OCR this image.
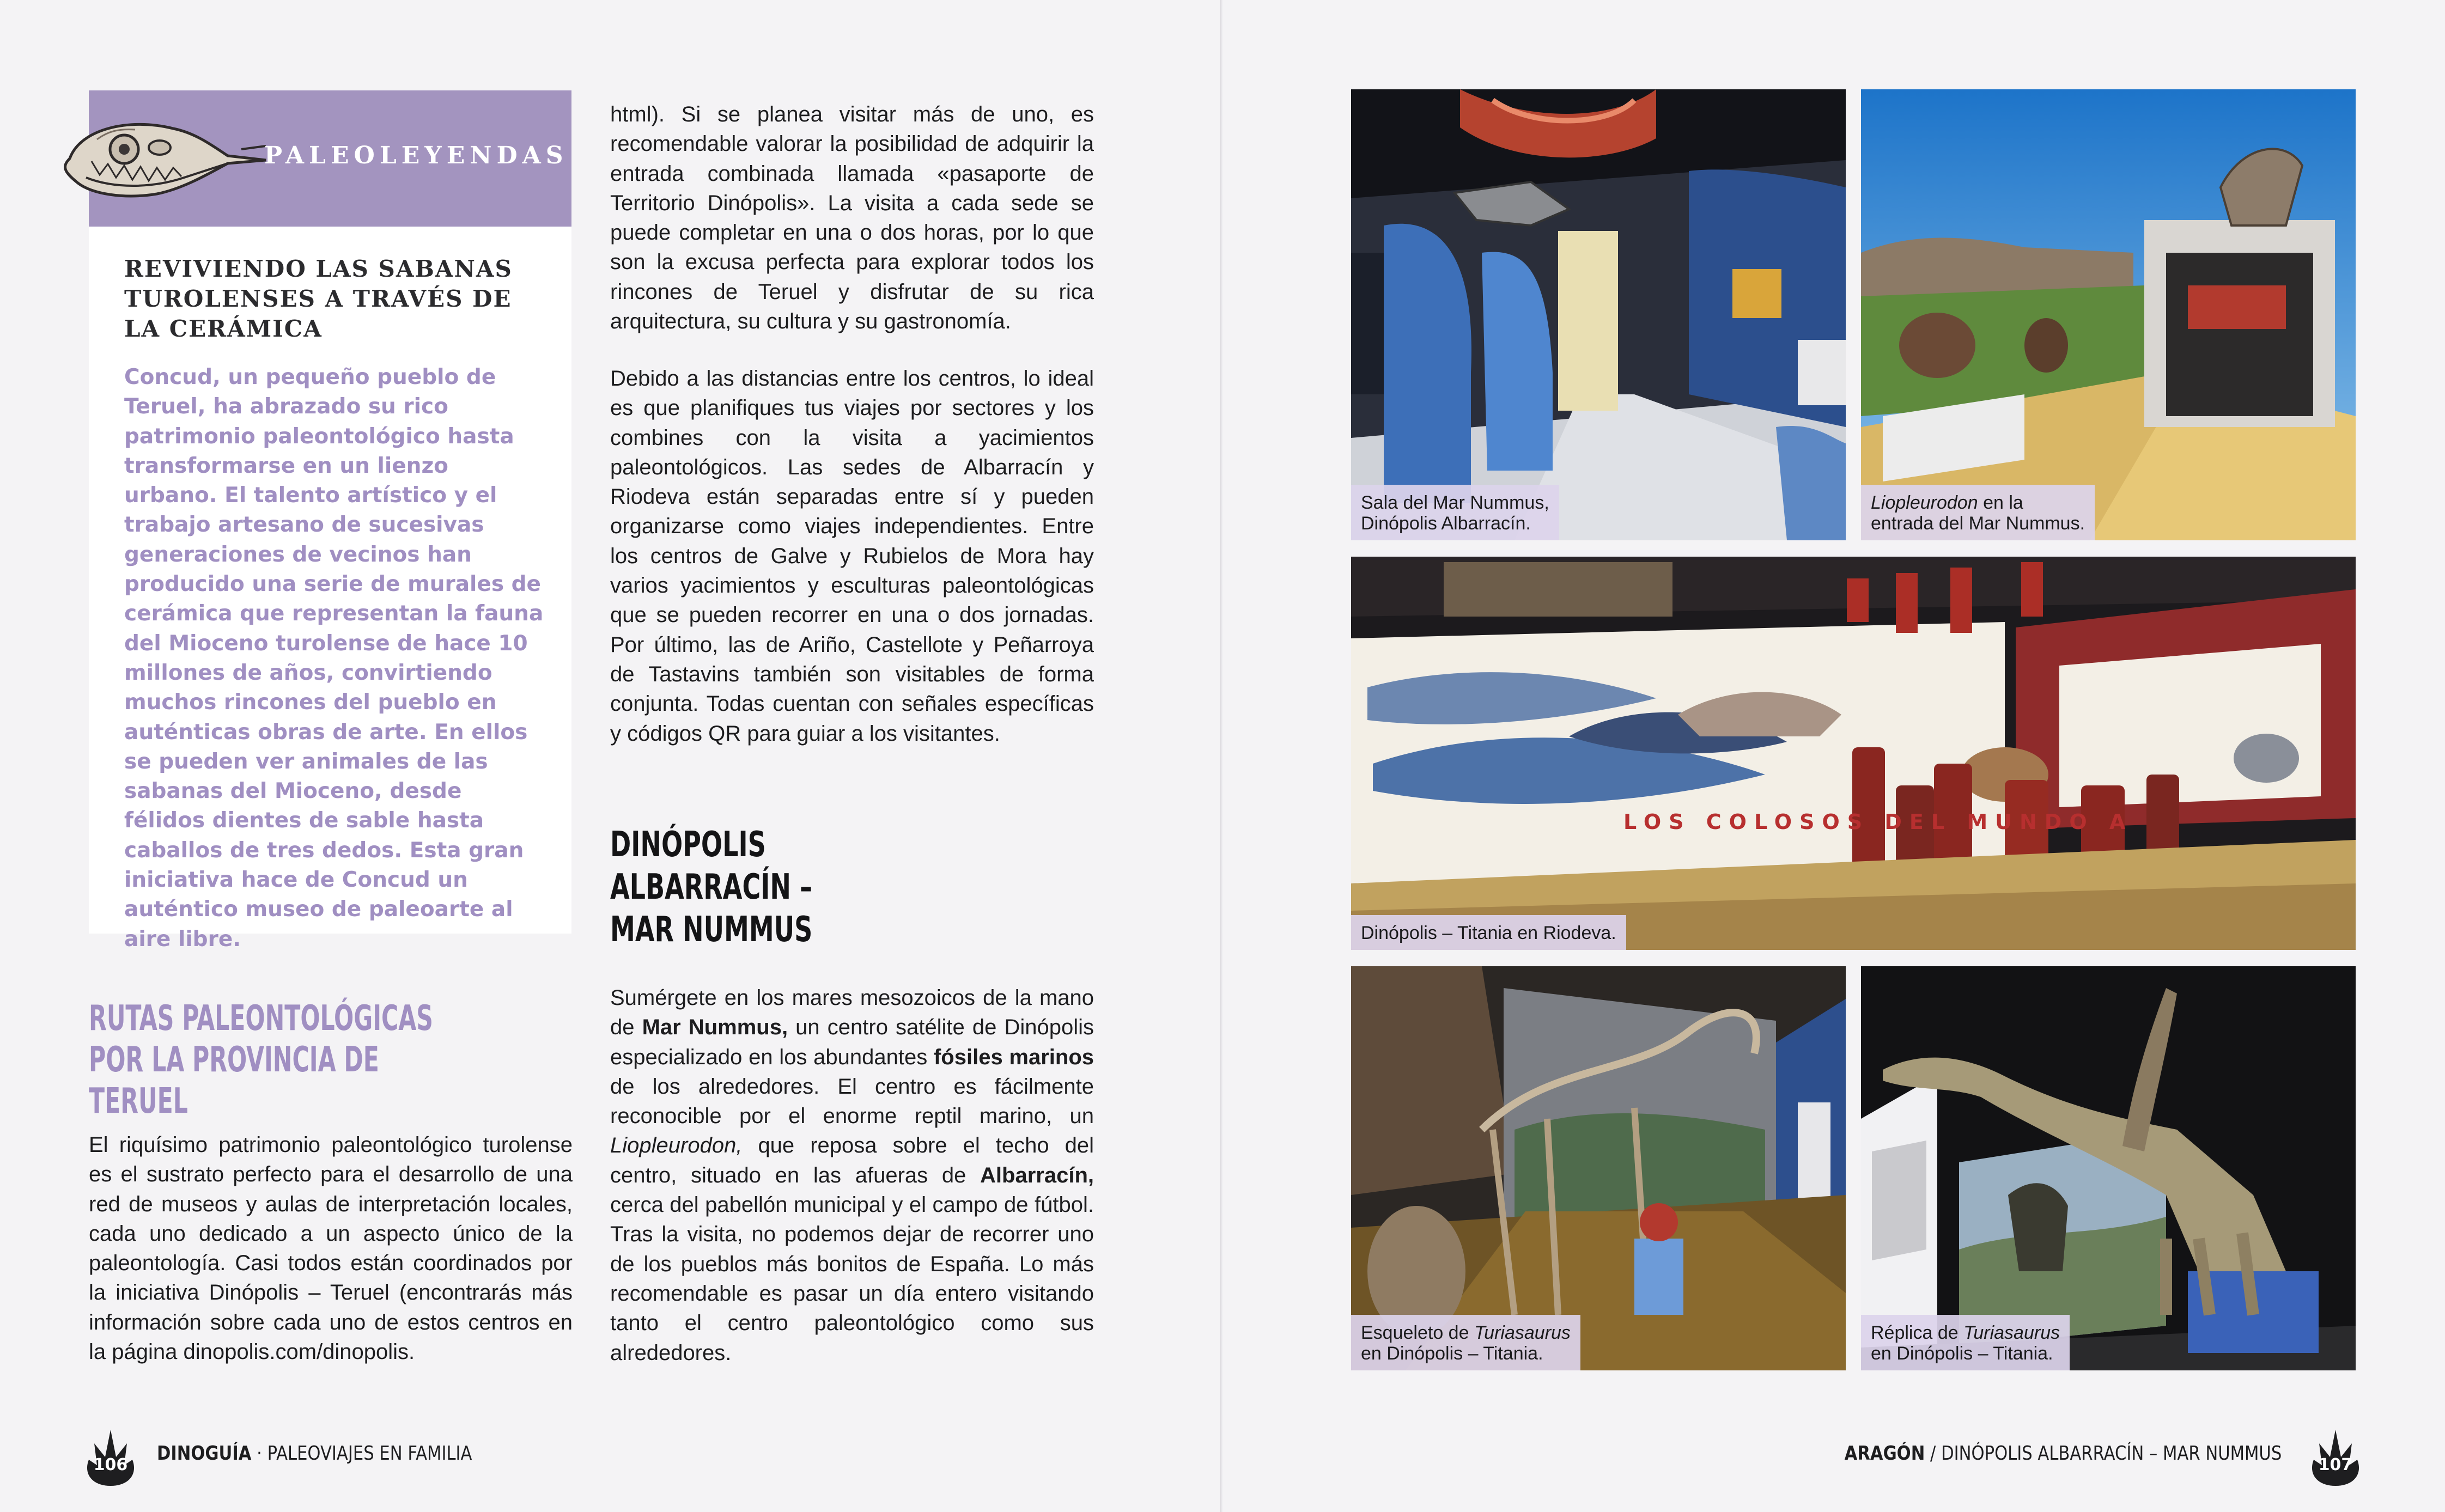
PALEOLEYENDAS
REVIVIENDO LAS SABANAS TUROLENSES A TRAVÉS DE LA CERÁMICA
Concud, un pequeño pueblo de Teruel, ha abrazado su rico patrimonio paleontológico hasta transformarse en un lienzo urbano. El talento artístico y el trabajo artesano de sucesivas generaciones de vecinos han producido una serie de murales de cerámica que representan la fauna del Mioceno turolense de hace 10 millones de años, convirtiendo muchos rincones del pueblo en auténticas obras de arte. En ellos se pueden ver animales de las sabanas del Mioceno, desde félidos dientes de sable hasta caballos de tres dedos. Esta gran iniciativa hace de Concud un auténtico museo de paleoarte al aire libre.
RUTAS PALEONTOLÓGICAS POR LA PROVINCIA DE TERUEL
El riquísimo patrimonio paleontológico turolense es el sustrato perfecto para el desarrollo de una red de museos y aulas de interpretación locales, cada uno dedicado a un aspecto único de la paleontología. Casi todos están coordinados por la iniciativa Dinópolis – Teruel (encontrarás más información sobre cada uno de estos centros en la página dinopolis.com/dinopolis.
html). Si se planea visitar más de uno, es recomendable valorar la posibilidad de adquirir la entrada combinada llamada «pasaporte de Territorio Dinópolis». La visita a cada sede se puede completar en una o dos horas, por lo que son la excusa perfecta para explorar todos los rincones de Teruel y disfrutar de su rica arquitectura, su cultura y su gastronomía.
Debido a las distancias entre los centros, lo ideal es que planifiques tus viajes por sectores y los combines con la visita a yacimientos paleontológicos. Las sedes de Albarracín y Riodeva están separadas entre sí y pueden organizarse como viajes independientes. Entre los centros de Galve y Rubielos de Mora hay varios yacimientos y esculturas paleontológicas que se pueden recorrer en una o dos jornadas. Por último, las de Ariño, Castellote y Peñarroya de Tastavins también son visitables de forma conjunta. Todas cuentan con señales específicas y códigos QR para guiar a los visitantes.
DINÓPOLIS ALBARRACÍN – MAR NUMMUS
Sumérgete en los mares mesozoicos de la mano de Mar Nummus, un centro satélite de Dinópolis especializado en los abundantes fósiles marinos de los alrededores. El centro es fácilmente reconocible por el enorme reptil marino, un Liopleurodon, que reposa sobre el techo del centro, situado en las afueras de Albarracín, cerca del pabellón municipal y el campo de fútbol. Tras la visita, no podemos dejar de recorrer uno de los pueblos más bonitos de España. Lo más recomendable es pasar un día entero visitando tanto el centro paleontológico como sus alrededores.
106
DINOGUÍA · PALEOVIAJES EN FAMILIA
Sala del Mar Nummus,
Dinópolis Albarracín.
Liopleurodon en la
entrada del Mar Nummus.
LOS COLOSOS DEL MUNDO A
Dinópolis – Titania en Riodeva.
Esqueleto de Turiasaurus
en Dinópolis – Titania.
Réplica de Turiasaurus
en Dinópolis – Titania.
ARAGÓN / DINÓPOLIS ALBARRACÍN – MAR NUMMUS
107
